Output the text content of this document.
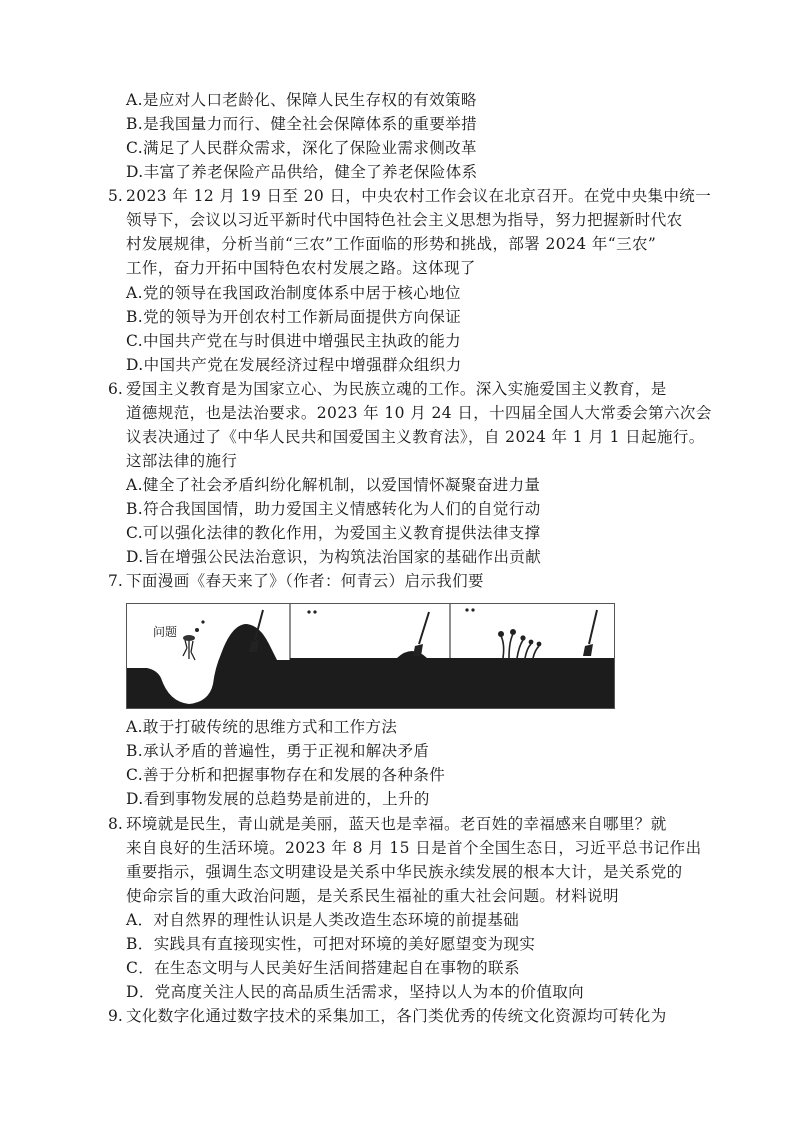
A.是应对人口老龄化、保障人民生存权的有效策略
B.是我国量力而行、健全社会保障体系的重要举措
C.满足了人民群众需求，深化了保险业需求侧改革
D.丰富了养老保险产品供给，健全了养老保险体系
5. 2023 年 12 月 19 日至 20 日，中央农村工作会议在北京召开。在党中央集中统一
领导下，会议以习近平新时代中国特色社会主义思想为指导，努力把握新时代农
村发展规律，分析当前“三农”工作面临的形势和挑战，部署 2024 年“三农”
工作，奋力开拓中国特色农村发展之路。这体现了
A.党的领导在我国政治制度体系中居于核心地位
B.党的领导为开创农村工作新局面提供方向保证
C.中国共产党在与时俱进中增强民主执政的能力
D.中国共产党在发展经济过程中增强群众组织力
6. 爱国主义教育是为国家立心、为民族立魂的工作。深入实施爱国主义教育，是
道德规范，也是法治要求。2023 年 10 月 24 日，十四届全国人大常委会第六次会
议表决通过了《中华人民共和国爱国主义教育法》，自 2024 年 1 月 1 日起施行。
这部法律的施行
A.健全了社会矛盾纠纷化解机制，以爱国情怀凝聚奋进力量
B.符合我国国情，助力爱国主义情感转化为人们的自觉行动
C.可以强化法律的教化作用，为爱国主义教育提供法律支撑
D.旨在增强公民法治意识，为构筑法治国家的基础作出贡献
7. 下面漫画《春天来了》（作者：何青云）启示我们要
问题
A.敢于打破传统的思维方式和工作方法
B.承认矛盾的普遍性，勇于正视和解决矛盾
C.善于分析和把握事物存在和发展的各种条件
D.看到事物发展的总趋势是前进的，上升的
8. 环境就是民生，青山就是美丽，蓝天也是幸福。老百姓的幸福感来自哪里？就
来自良好的生活环境。2023 年 8 月 15 日是首个全国生态日，习近平总书记作出
重要指示，强调生态文明建设是关系中华民族永续发展的根本大计，是关系党的
使命宗旨的重大政治问题，是关系民生福祉的重大社会问题。材料说明
A．对自然界的理性认识是人类改造生态环境的前提基础
B．实践具有直接现实性，可把对环境的美好愿望变为现实
C．在生态文明与人民美好生活间搭建起自在事物的联系
D．党高度关注人民的高品质生活需求，坚持以人为本的价值取向
9. 文化数字化通过数字技术的采集加工，各门类优秀的传统文化资源均可转化为
